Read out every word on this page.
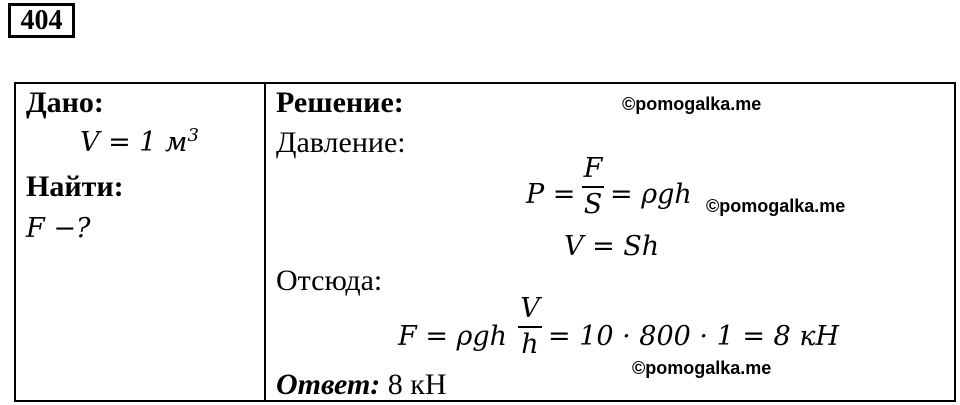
404
Дано:
V = 1 $м^3$
Найти:
F −?
Решение:	©pomogalka.me
Давление:
P =
F
S = ρgh ©pomogalka.me
V = Sh
Отсюда:
F = ρgh
V
h = 10 · 800 · 1 = 8 кН
©pomogalka.me
Ответ: 8 кН
